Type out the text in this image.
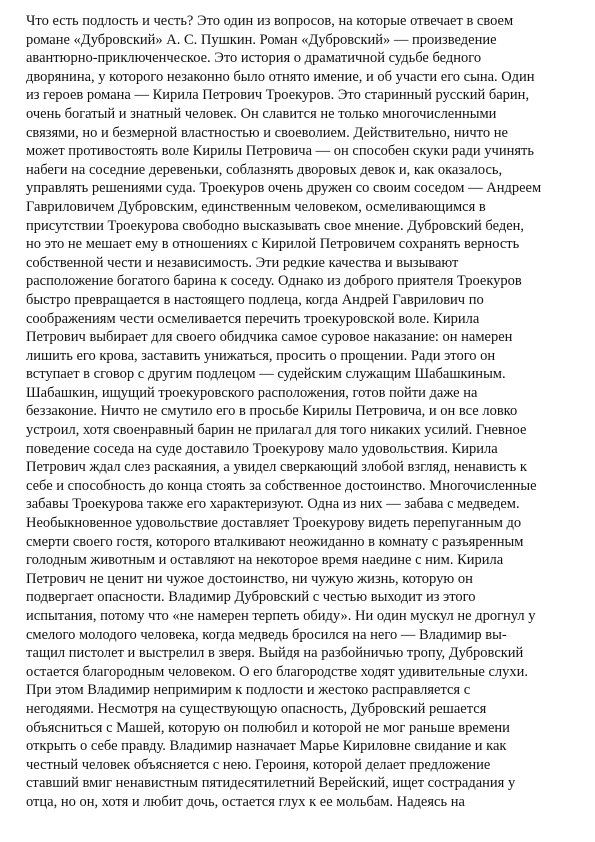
Что есть подлость и честь? Это один из вопросов, на которые отвечает в своем
романе «Дубровский» А. С. Пушкин. Роман «Дубровский» — произведение
авантюрно-приключенческое. Это история о драматичной судьбе бедного
дворянина, у которого незаконно было отнято имение, и об участи его сына. Один
из героев романа — Кирила Петрович Троекуров. Это старинный русский барин,
очень богатый и знатный человек. Он славится не только многочисленными
связями, но и безмерной властностью и своеволием. Действительно, ничто не
может противостоять воле Кирилы Петровича — он способен скуки ради учинять
набеги на соседние деревеньки, соблазнять дворовых девок и, как оказалось,
управлять решениями суда. Троекуров очень дружен со своим соседом — Андреем
Гавриловичем Дубровским, единственным человеком, осмеливающимся в
присутствии Троекурова свободно высказывать свое мнение. Дубровский беден,
но это не мешает ему в отношениях с Кирилой Петровичем сохранять верность
собственной чести и независимость. Эти редкие качества и вызывают
расположение богатого барина к соседу. Однако из доброго приятеля Троекуров
быстро превращается в настоящего подлеца, когда Андрей Гаврилович по
соображениям чести осмеливается перечить троекуровской воле. Кирила
Петрович выбирает для своего обидчика самое суровое наказание: он намерен
лишить его крова, заставить унижаться, просить о прощении. Ради этого он
вступает в сговор с другим подлецом — судейским служащим Шабашкиным.
Шабашкин, ищущий троекуровского расположения, готов пойти даже на
беззаконие. Ничто не смутило его в просьбе Кирилы Петровича, и он все ловко
устроил, хотя своенравный барин не прилагал для того никаких усилий. Гневное
поведение соседа на суде доставило Троекурову мало удовольствия. Кирила
Петрович ждал слез раскаяния, а увидел сверкающий злобой взгляд, ненависть к
себе и способность до конца стоять за собственное достоинство. Многочисленные
забавы Троекурова также его характеризуют. Одна из них — забава с медведем.
Необыкновенное удовольствие доставляет Троекурову видеть перепуганным до
смерти своего гостя, которого вталкивают неожиданно в комнату с разъяренным
голодным животным и оставляют на некоторое время наедине с ним. Кирила
Петрович не ценит ни чужое достоинство, ни чужую жизнь, которую он
подвергает опасности. Владимир Дубровский с честью выходит из этого
испытания, потому что «не намерен терпеть обиду». Ни один мускул не дрогнул у
смелого молодого человека, когда медведь бросился на него — Владимир вы-
тащил пистолет и выстрелил в зверя. Выйдя на разбойничью тропу, Дубровский
остается благородным человеком. О его благородстве ходят удивительные слухи.
При этом Владимир непримирим к подлости и жестоко расправляется с
негодяями. Несмотря на существующую опасность, Дубровский решается
объясниться с Машей, которую он полюбил и которой не мог раньше времени
открыть о себе правду. Владимир назначает Марье Кириловне свидание и как
честный человек объясняется с нею. Героиня, которой делает предложение
ставший вмиг ненавистным пятидесятилетний Верейский, ищет сострадания у
отца, но он, хотя и любит дочь, остается глух к ее мольбам. Надеясь на
